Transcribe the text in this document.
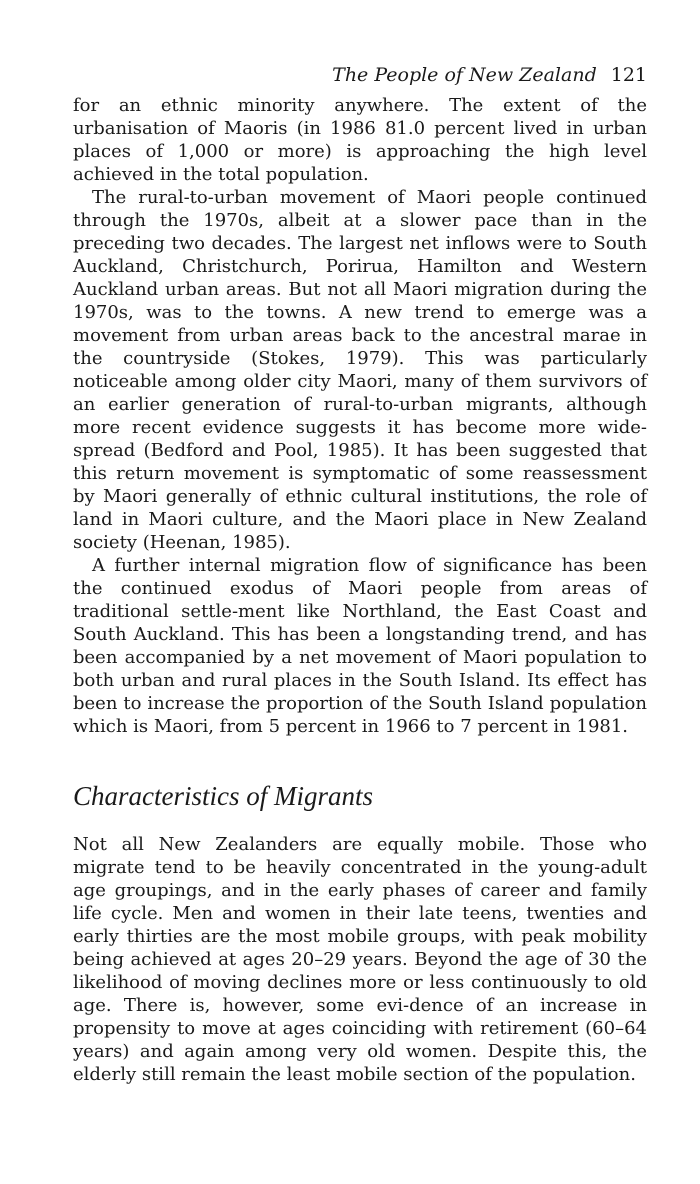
The People of New Zealand 121

for an ethnic minority anywhere. The extent of the urbanisation of Maoris (in 1986 81.0 percent lived in urban places of 1,000 or more) is approaching the high level achieved in the total population.

The rural-to-urban movement of Maori people continued through the 1970s, albeit at a slower pace than in the preceding two decades. The largest net inflows were to South Auckland, Christchurch, Porirua, Hamilton and Western Auckland urban areas. But not all Maori migration during the 1970s, was to the towns. A new trend to emerge was a movement from urban areas back to the ancestral marae in the countryside (Stokes, 1979). This was particularly noticeable among older city Maori, many of them survivors of an earlier generation of rural-to-urban migrants, although more recent evidence suggests it has become more wide-spread (Bedford and Pool, 1985). It has been suggested that this return movement is symptomatic of some reassessment by Maori generally of ethnic cultural institutions, the role of land in Maori culture, and the Maori place in New Zealand society (Heenan, 1985).

A further internal migration flow of significance has been the continued exodus of Maori people from areas of traditional settle-ment like Northland, the East Coast and South Auckland. This has been a longstanding trend, and has been accompanied by a net movement of Maori population to both urban and rural places in the South Island. Its effect has been to increase the proportion of the South Island population which is Maori, from 5 percent in 1966 to 7 percent in 1981.

Characteristics of Migrants

Not all New Zealanders are equally mobile. Those who migrate tend to be heavily concentrated in the young-adult age groupings, and in the early phases of career and family life cycle. Men and women in their late teens, twenties and early thirties are the most mobile groups, with peak mobility being achieved at ages 20–29 years. Beyond the age of 30 the likelihood of moving declines more or less continuously to old age. There is, however, some evi-dence of an increase in propensity to move at ages coinciding with retirement (60–64 years) and again among very old women. Despite this, the elderly still remain the least mobile section of the population.
